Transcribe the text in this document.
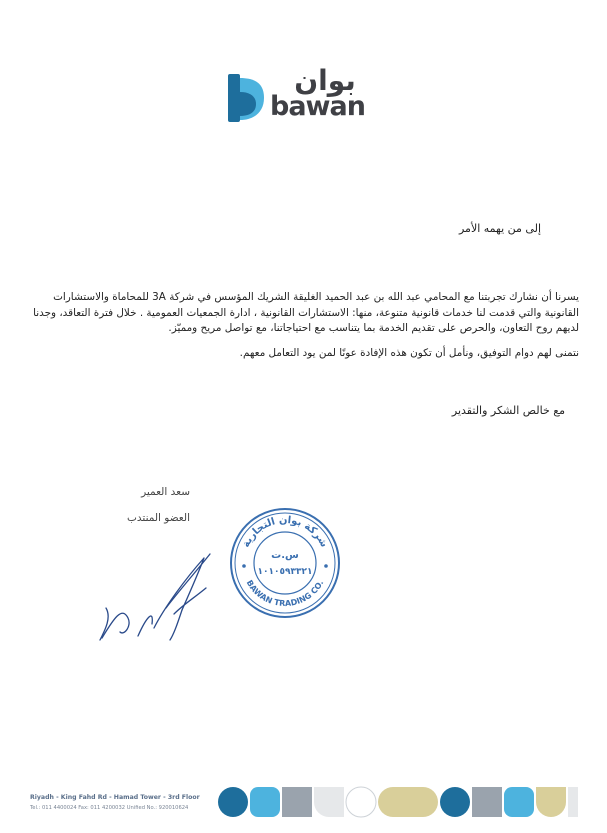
بوان
bawan
إلى من يهمه الأمر

يسرنا أن نشارك تجربتنا مع المحامي عبد الله بن عبد الحميد الغليقة الشريك المؤسس في شركة 3A للمحاماة والاستشارات القانونية والتي قدمت لنا خدمات قانونية متنوعة، منها: الاستشارات القانونية ، ادارة الجمعيات العمومية . خلال فترة التعاقد، وجدنا لديهم روح التعاون، والحرص على تقديم الخدمة بما يتناسب مع احتياجاتنا، مع تواصل مريح ومميّز.

نتمنى لهم دوام التوفيق، ونأمل أن تكون هذه الإفادة عونًا لمن يود التعامل معهم.

مع خالص الشكر والتقدير
سعد العمير
العضو المنتدب
شركة بوان التجارية
BAWAN TRADING CO.
س.ت
١٠١٠٥٩٣٣٢١
Riyadh - King Fahd Rd - Hamad Tower - 3rd Floor
Tel.: 011 4400024 Fax: 011 4200032 Unified No.: 920010624
